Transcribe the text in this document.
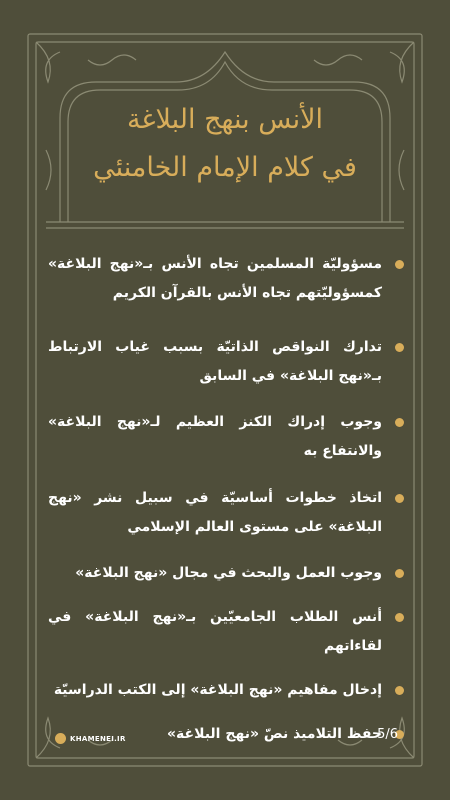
الأنس بنهج البلاغة
في كلام الإمام الخامنئي
مسؤوليّة المسلمين تجاه الأنس بـ«نهج البلاغة» كمسؤوليّتهم تجاه الأنس بالقرآن الكريم
تدارك النواقص الذاتيّة بسبب غياب الارتباط بـ«نهج البلاغة» في السابق
وجوب إدراك الكنز العظيم لـ«نهج البلاغة» والانتفاع به
اتخاذ خطوات أساسيّة في سبيل نشر «نهج البلاغة» على مستوى العالم الإسلامي
وجوب العمل والبحث في مجال «نهج البلاغة»
أنس الطلاب الجامعيّين بـ«نهج البلاغة» في لقاءاتهم
إدخال مفاهيم «نهج البلاغة» إلى الكتب الدراسيّة
حفظ التلاميذ نصّ «نهج البلاغة»
KHAMENEI.IR	5/6
